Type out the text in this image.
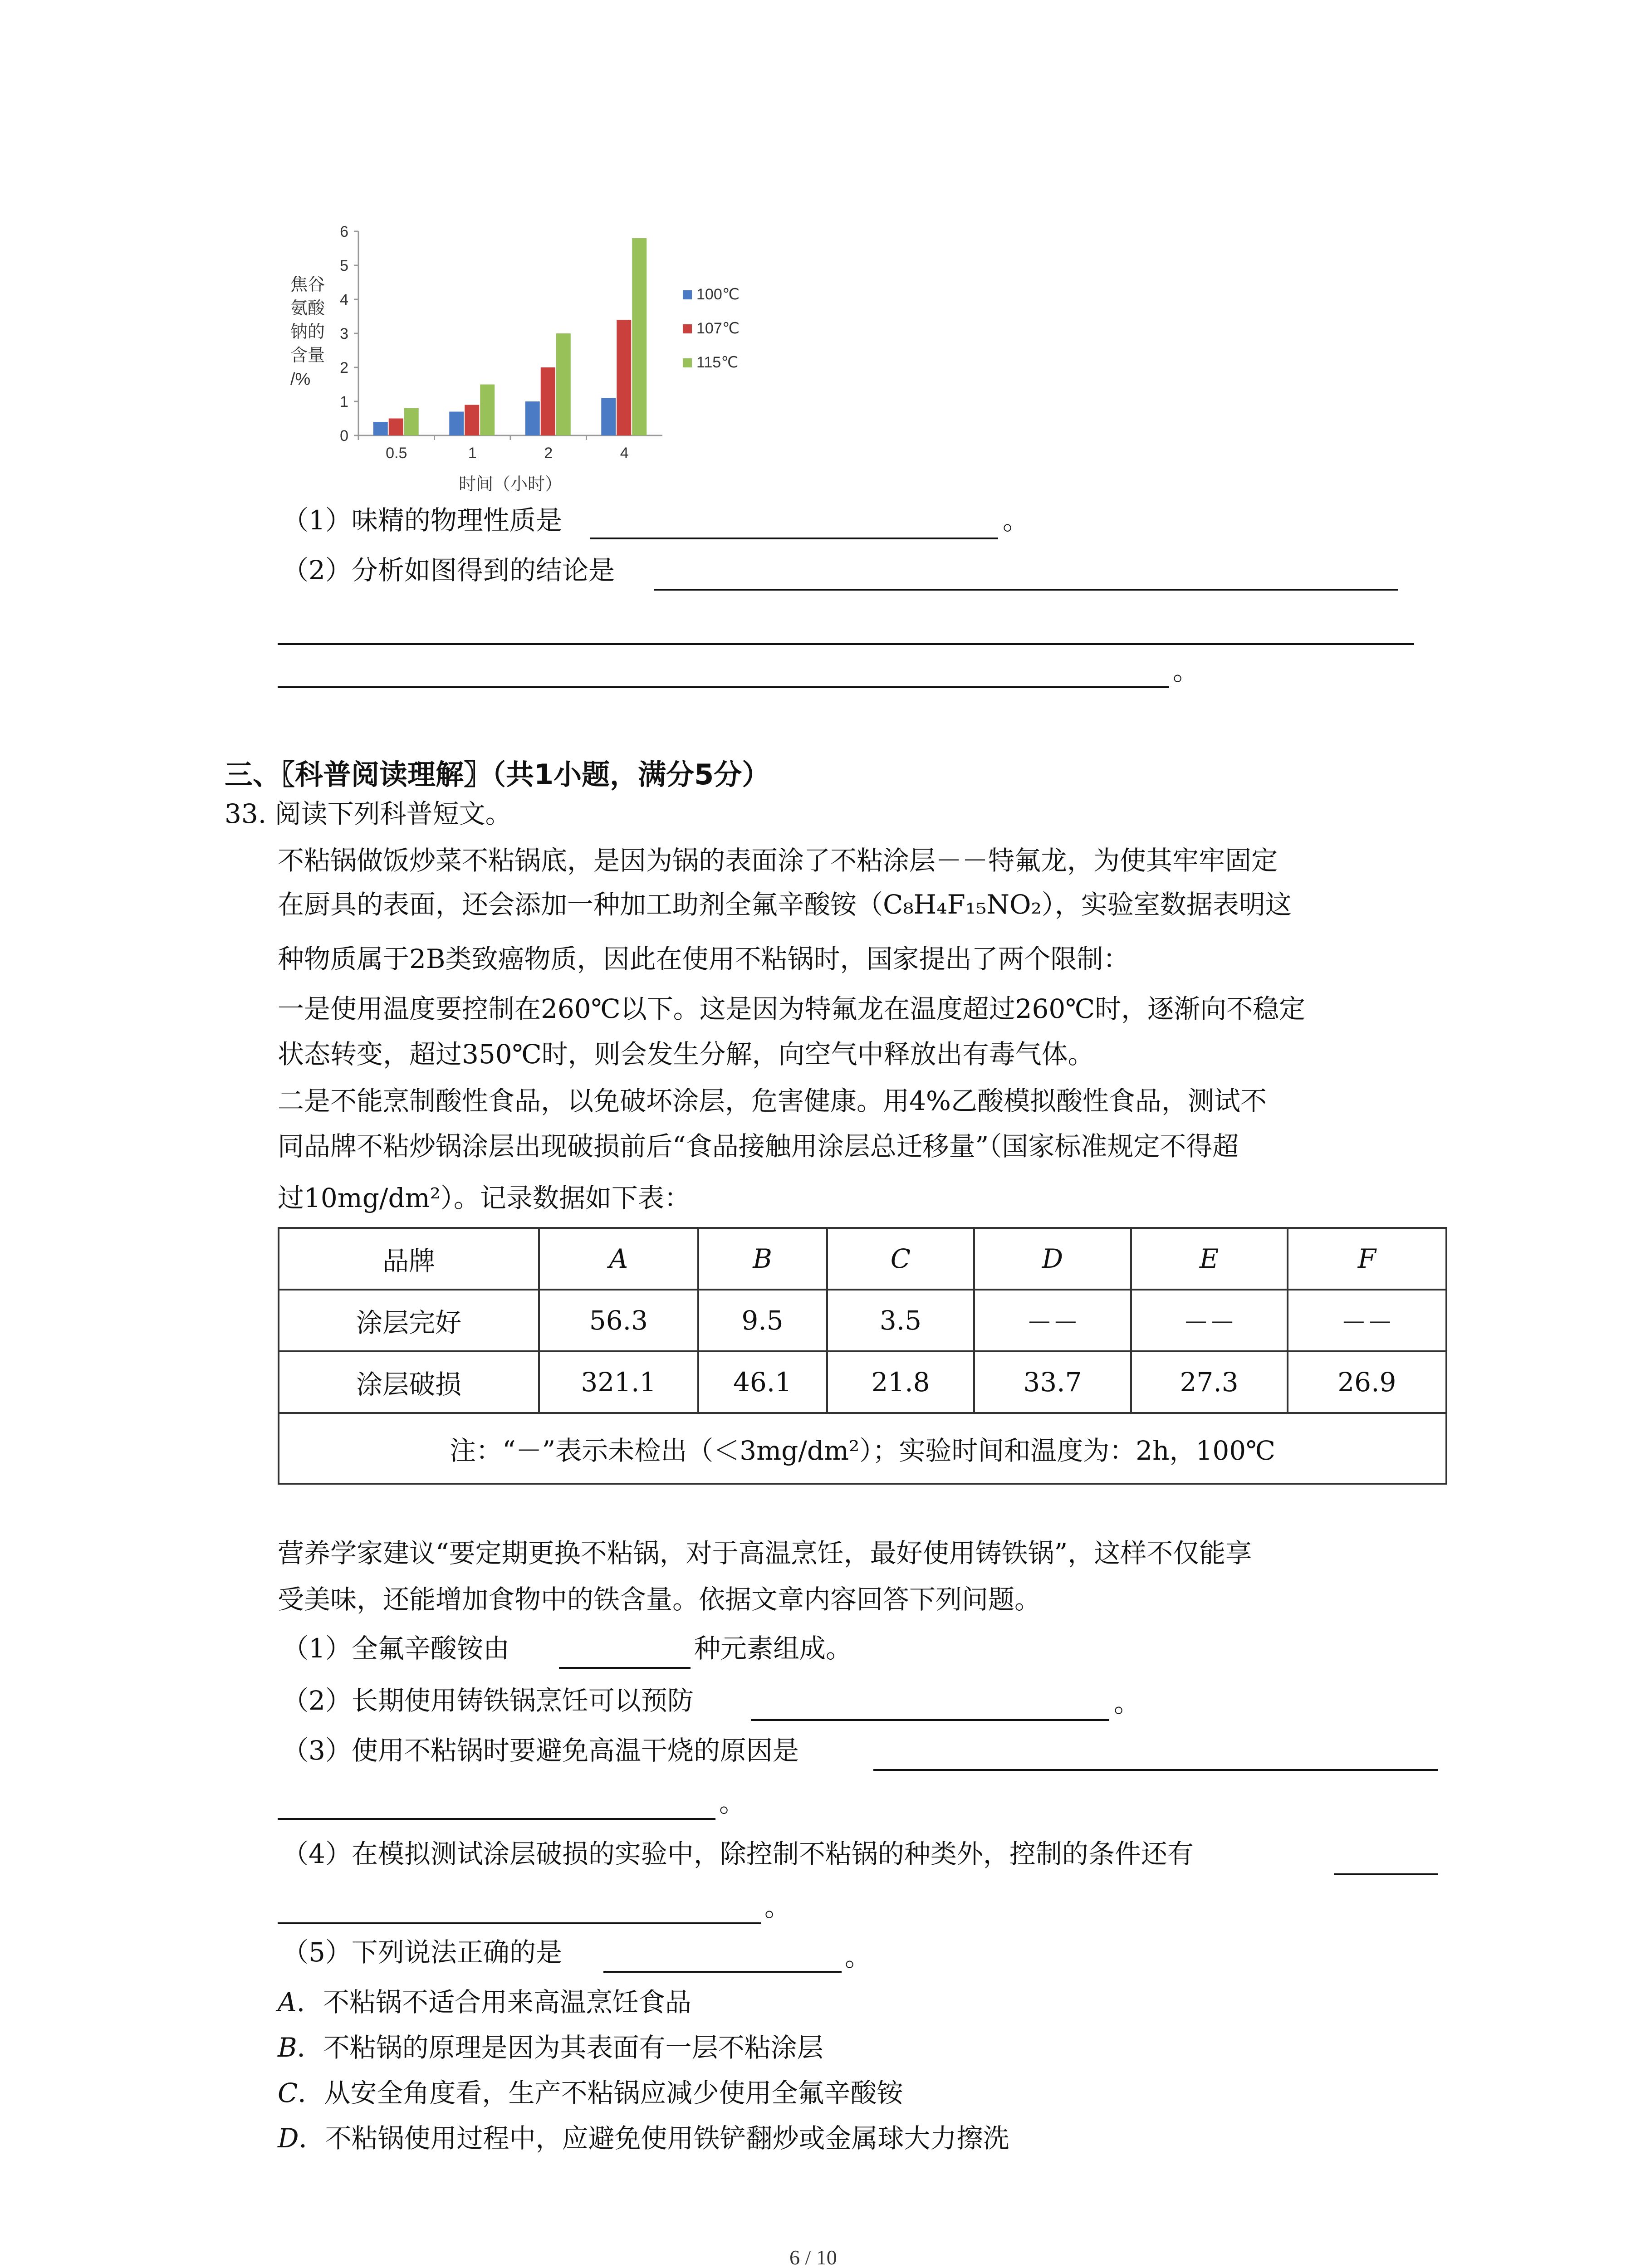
焦谷
氨酸
钠的
含量
/%
0
1
2
3
4
5
6
0.5	1	2	4
时间（小时）
100℃
107℃
115℃
（1）味精的物理性质是	。
（2）分析如图得到的结论是
。
三、〖科普阅读理解〗（共1小题，满分5分）
33. 阅读下列科普短文。
不粘锅做饭炒菜不粘锅底，是因为锅的表面涂了不粘涂层－－特氟龙，为使其牢牢固定
在厨具的表面，还会添加一种加工助剂全氟辛酸铵（C₈H₄F₁₅NO₂），实验室数据表明这
种物质属于2B类致癌物质，因此在使用不粘锅时，国家提出了两个限制：
一是使用温度要控制在260℃以下。这是因为特氟龙在温度超过260℃时，逐渐向不稳定
状态转变，超过350℃时，则会发生分解，向空气中释放出有毒气体。
二是不能烹制酸性食品，以免破坏涂层，危害健康。用4%乙酸模拟酸性食品，测试不
同品牌不粘炒锅涂层出现破损前后“食品接触用涂层总迁移量”（国家标准规定不得超
过10mg/dm²）。记录数据如下表：
品牌	A	B	C	D	E	F
涂层完好	56.3	9.5	3.5	－－	－－	－－
涂层破损	321.1	46.1	21.8	33.7	27.3	26.9
注：“－”表示未检出（＜3mg/dm²）；实验时间和温度为：2h，100℃						
营养学家建议“要定期更换不粘锅，对于高温烹饪，最好使用铸铁锅”，这样不仅能享
受美味，还能增加食物中的铁含量。依据文章内容回答下列问题。
（1）全氟辛酸铵由	种元素组成。
（2）长期使用铸铁锅烹饪可以预防	。
（3）使用不粘锅时要避免高温干烧的原因是
。
（4）在模拟测试涂层破损的实验中，除控制不粘锅的种类外，控制的条件还有
。
（5）下列说法正确的是	。
A．不粘锅不适合用来高温烹饪食品
B．不粘锅的原理是因为其表面有一层不粘涂层
C．从安全角度看，生产不粘锅应减少使用全氟辛酸铵
D．不粘锅使用过程中，应避免使用铁铲翻炒或金属球大力擦洗
6 / 10
